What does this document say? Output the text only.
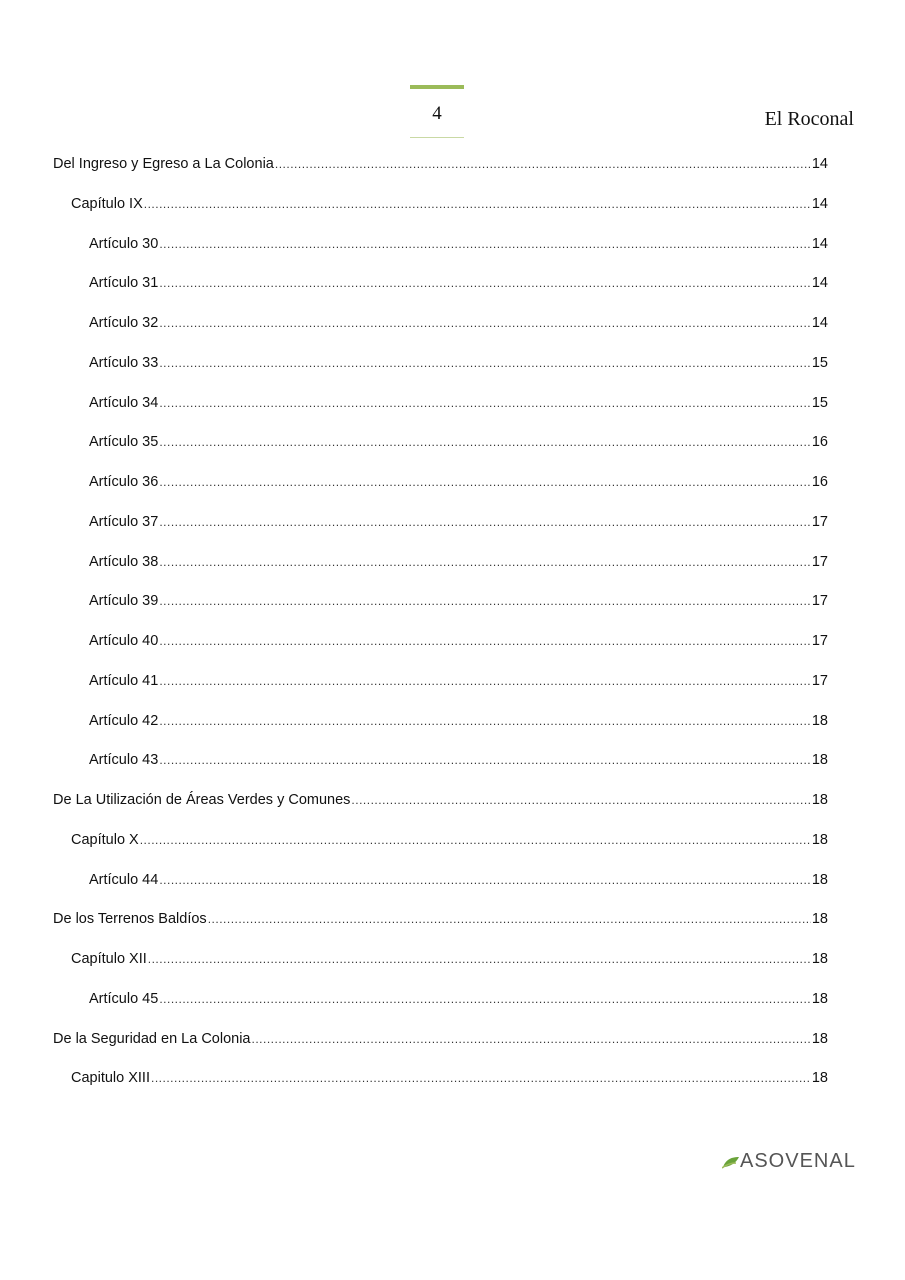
4	El Roconal
Del Ingreso y Egreso a La Colonia .....	14
Capítulo IX .....	14
Artículo 30 .....	14
Artículo 31 .....	14
Artículo 32 .....	14
Artículo 33 .....	15
Artículo 34 .....	15
Artículo 35 .....	16
Artículo 36 .....	16
Artículo 37 .....	17
Artículo 38 .....	17
Artículo 39 .....	17
Artículo 40 .....	17
Artículo 41 .....	17
Artículo 42 .....	18
Artículo 43 .....	18
De La Utilización de Áreas Verdes y Comunes .....	18
Capítulo X .....	18
Artículo 44 .....	18
De los Terrenos Baldíos .....	18
Capítulo XII .....	18
Artículo 45 .....	18
De la Seguridad en La Colonia .....	18
Capitulo XIII .....	18
ASOVENAL
